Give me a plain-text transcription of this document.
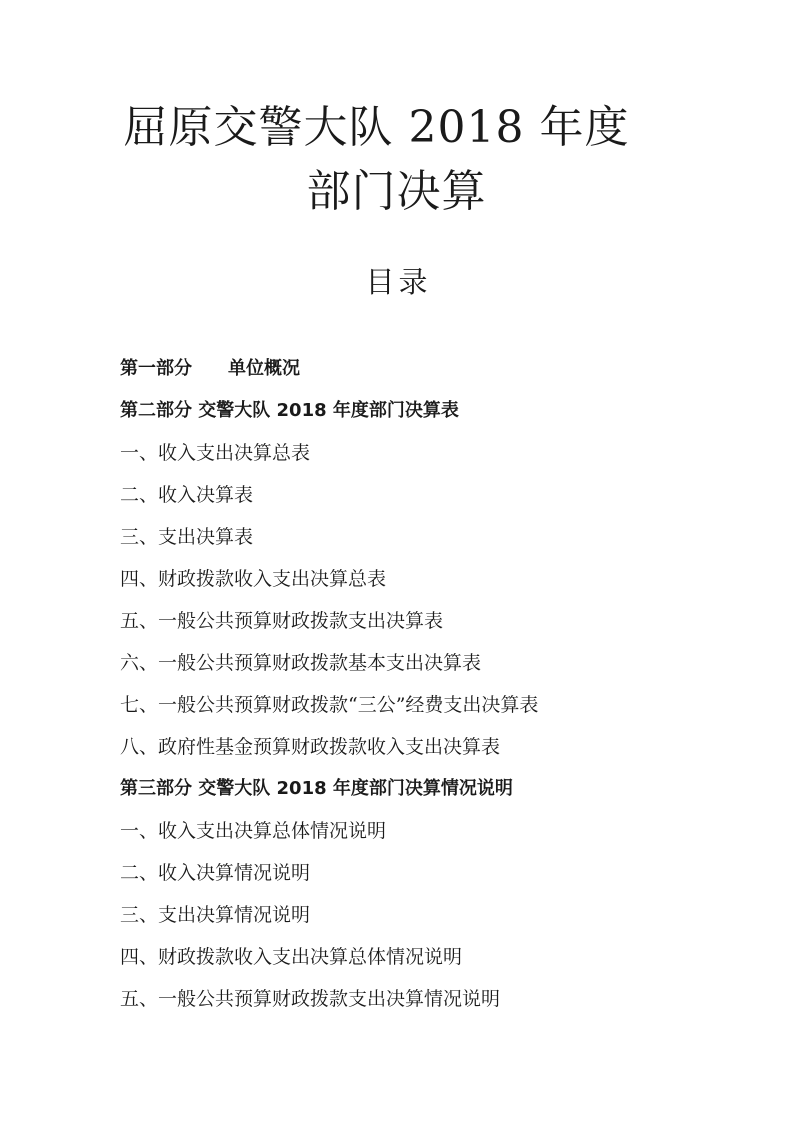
屈原交警大队 2018 年度
部门决算
目录
第一部分　　单位概况
第二部分 交警大队 2018 年度部门决算表
一、收入支出决算总表
二、收入决算表
三、支出决算表
四、财政拨款收入支出决算总表
五、一般公共预算财政拨款支出决算表
六、一般公共预算财政拨款基本支出决算表
七、一般公共预算财政拨款“三公”经费支出决算表
八、政府性基金预算财政拨款收入支出决算表
第三部分 交警大队 2018 年度部门决算情况说明
一、收入支出决算总体情况说明
二、收入决算情况说明
三、支出决算情况说明
四、财政拨款收入支出决算总体情况说明
五、一般公共预算财政拨款支出决算情况说明
